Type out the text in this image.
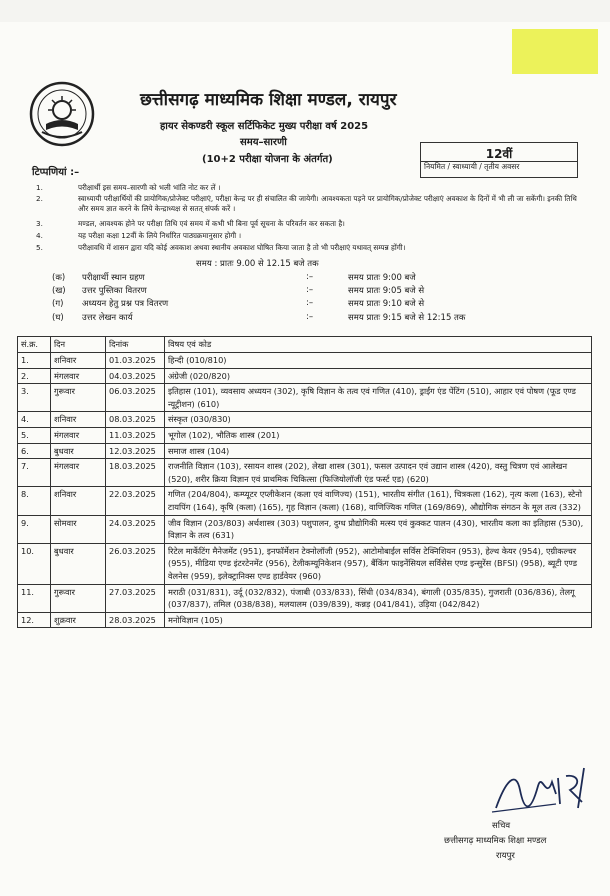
छत्तीसगढ़ माध्यमिक शिक्षा मण्डल, रायपुर
हायर सेकण्डरी स्कूल सर्टिफिकेट मुख्य परीक्षा वर्ष 2025
समय–सारणी
(10+2 परीक्षा योजना के अंतर्गत)	12वीं
नियमित / स्वाध्यायी / तृतीय अवसर
टिप्पणियां :–
1.	परीक्षार्थी इस समय–सारणी को भली भांति नोट कर लें ।
2.	स्वाध्यायी परीक्षार्थियों की प्रायोगिक/प्रोजेक्ट परीक्षाएं, परीक्षा केन्द्र पर ही संचालित की जायेगी। आवश्यकता पड़ने पर प्रायोगिक/प्रोजेक्ट परीक्षाएं अवकाश के दिनों में भी ली जा सकेंगी। इनकी तिथि और समय ज्ञात करने के लिये केन्द्राध्यक्ष से सतत् संपर्क करें ।
3.	मण्डल, आवश्यक होने पर परीक्षा तिथि एवं समय में कभी भी बिना पूर्व सूचना के परिवर्तन कर सकता है।
4.	यह परीक्षा कक्षा 12वीं के लिये निर्धारित पाठ्यक्रमानुसार होगी ।
5.	परीक्षावधि में शासन द्वारा यदि कोई अवकाश अथवा स्थानीय अवकाश घोषित किया जाता है तो भी परीक्षाएं यथावत् सम्पन्न होंगी।
समय : प्रातः 9.00 से 12.15 बजे तक
(क) परीक्षार्थी स्थान ग्रहण	:–	समय प्रातः 9:00 बजे
(ख) उत्तर पुस्तिका वितरण	:–	समय प्रातः 9:05 बजे से
(ग) अध्ययन हेतु प्रश्न पत्र वितरण	:–	समय प्रातः 9:10 बजे से
(घ) उत्तर लेखन कार्य	:–	समय प्रातः 9:15 बजे से 12:15 तक
सं.क्र.	दिन	दिनांक	विषय एवं कोड
1.	शनिवार	01.03.2025	हिन्दी (010/810)
2.	मंगलवार	04.03.2025	अंग्रेजी (020/820)
3.	गुरूवार	06.03.2025	इतिहास (101), व्यवसाय अध्ययन (302), कृषि विज्ञान के तत्व एवं गणित (410), ड्राईंग एंड पेंटिंग (510), आहार एवं पोषण (फूड एण्ड न्यूट्रीशन) (610)
4.	शनिवार	08.03.2025	संस्कृत (030/830)
5.	मंगलवार	11.03.2025	भूगोल (102), भौतिक शास्त्र (201)
6.	बुधवार	12.03.2025	समाज शास्त्र (104)
7.	मंगलवार	18.03.2025	राजनीति विज्ञान (103), रसायन शास्त्र (202), लेखा शास्त्र (301), फसल उत्पादन एवं उद्यान शास्त्र (420), वस्तु चित्रण एवं आलेखन (520), शरीर क्रिया विज्ञान एवं प्राथमिक चिकित्सा (फिजियोलॉजी एंड फर्स्ट एड) (620)
8.	शनिवार	22.03.2025	गणित (204/804), कम्प्यूटर एप्लीकेशन (कला एवं वाणिज्य) (151), भारतीय संगीत (161), चित्रकला (162), नृत्य कला (163), स्टेनो टायपिंग (164), कृषि (कला) (165), गृह विज्ञान (कला) (168), वाणिज्यिक गणित (169/869), औद्योगिक संगठन के मूल तत्व (332)
9.	सोमवार	24.03.2025	जीव विज्ञान (203/803) अर्थशास्त्र (303) पशुपालन, दुग्ध प्रौद्योगिकी मत्स्य एवं कुक्कट पालन (430), भारतीय कला का इतिहास (530), विज्ञान के तत्व (631)
10.	बुधवार	26.03.2025	रिटेल मार्केटिंग मैनेजमेंट (951), इनफॉर्मेशन टेक्नोलॉजी (952), आटोमोबाईल सर्विस टेक्निशियन (953), हेल्थ केयर (954), एग्रीकल्चर (955), मीडिया एण्ड इंटरटेनमेंट (956), टेलीकम्यूनिकेशन (957), बैंकिंग फाइनेंसियल सर्विसेस एण्ड इन्सुरेंस (BFSI) (958), ब्यूटी एण्ड वेलनेस (959), इलेक्ट्रानिक्स एण्ड हार्डवेयर (960)
11.	गुरूवार	27.03.2025	मराठी (031/831), उर्दू (032/832), पंजाबी (033/833), सिंधी (034/834), बंगाली (035/835), गुजराती (036/836), तेलगू (037/837), तमिल (038/838), मलयालम (039/839), कन्नड़ (041/841), उड़िया (042/842)
12.	शुक्रवार	28.03.2025	मनोविज्ञान (105)
सचिव
छत्तीसगढ़ माध्यमिक शिक्षा मण्डल
रायपुर
